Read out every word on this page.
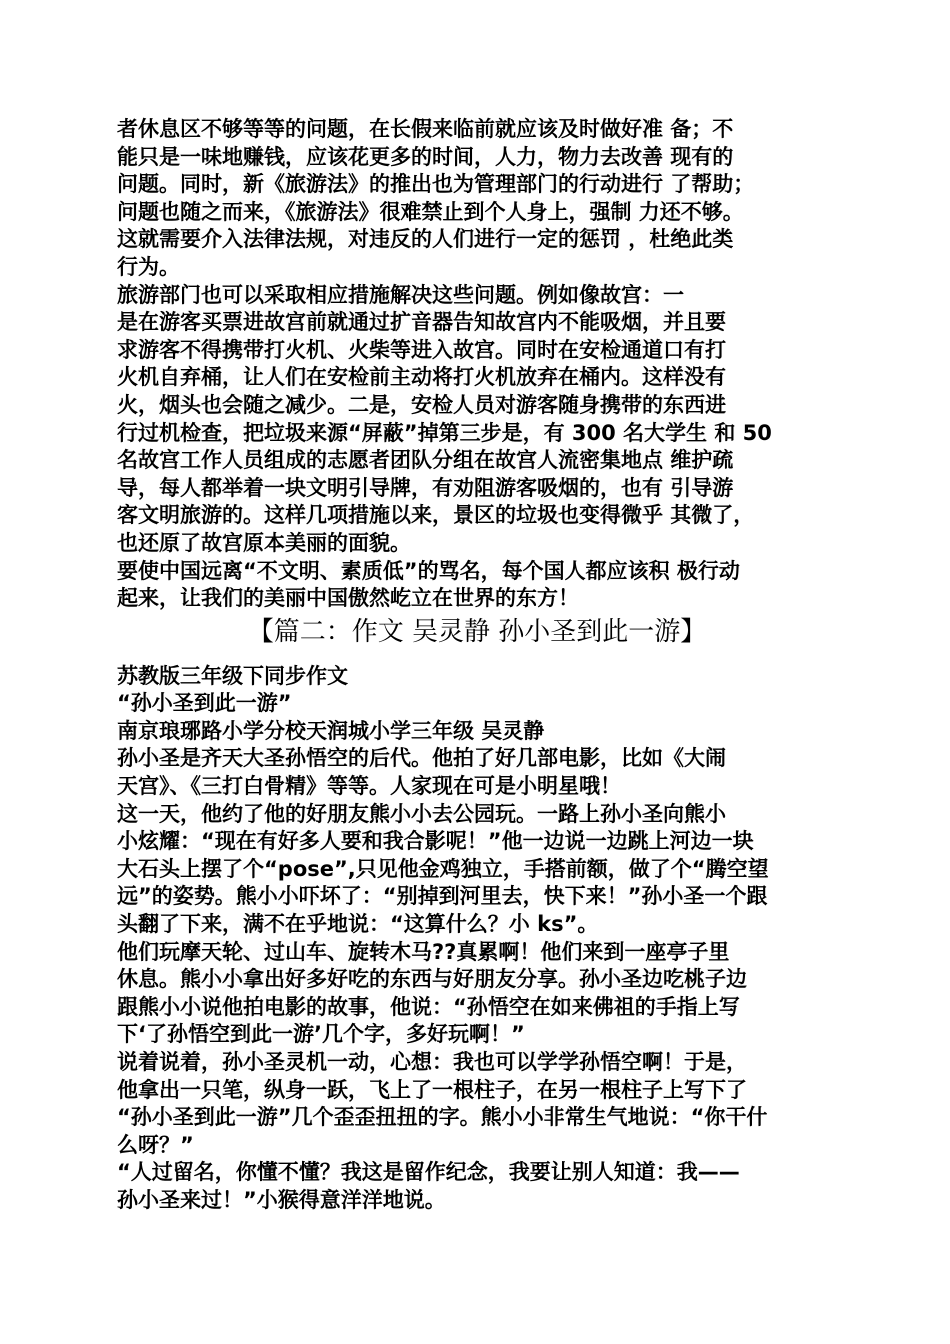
者休息区不够等等的问题，在长假来临前就应该及时做好准 备；不
能只是一味地赚钱，应该花更多的时间，人力，物力去改善 现有的
问题。同时，新《旅游法》的推出也为管理部门的行动进行 了帮助；
问题也随之而来，《旅游法》很难禁止到个人身上，强制 力还不够。
这就需要介入法律法规，对违反的人们进行一定的惩罚 ，杜绝此类
行为。
旅游部门也可以采取相应措施解决这些问题。例如像故宫：一
是在游客买票进故宫前就通过扩音器告知故宫内不能吸烟，并且要
求游客不得携带打火机、火柴等进入故宫。同时在安检通道口有打
火机自弃桶，让人们在安检前主动将打火机放弃在桶内。这样没有
火，烟头也会随之减少。二是，安检人员对游客随身携带的东西进
行过机检查，把垃圾来源“屏蔽”掉第三步是，有 300 名大学生 和 50
名故宫工作人员组成的志愿者团队分组在故宫人流密集地点 维护疏
导，每人都举着一块文明引导牌，有劝阻游客吸烟的，也有 引导游
客文明旅游的。这样几项措施以来，景区的垃圾也变得微乎 其微了，
也还原了故宫原本美丽的面貌。
要使中国远离“不文明、素质低”的骂名，每个国人都应该积 极行动
起来，让我们的美丽中国傲然屹立在世界的东方！
【篇二：作文 吴灵静 孙小圣到此一游】
苏教版三年级下同步作文
“孙小圣到此一游”
南京琅琊路小学分校天润城小学三年级 吴灵静
孙小圣是齐天大圣孙悟空的后代。他拍了好几部电影，比如《大闹
天宫》、《三打白骨精》等等。人家现在可是小明星哦！
这一天，他约了他的好朋友熊小小去公园玩。一路上孙小圣向熊小
小炫耀：“现在有好多人要和我合影呢！”他一边说一边跳上河边一块
大石头上摆了个“pose”,只见他金鸡独立，手搭前额，做了个“腾空望
远”的姿势。熊小小吓坏了：“别掉到河里去，快下来！”孙小圣一个跟
头翻了下来，满不在乎地说：“这算什么？小 ks”。
他们玩摩天轮、过山车、旋转木马??真累啊！他们来到一座亭子里
休息。熊小小拿出好多好吃的东西与好朋友分享。孙小圣边吃桃子边
跟熊小小说他拍电影的故事，他说：“孙悟空在如来佛祖的手指上写
下‘了孙悟空到此一游’几个字，多好玩啊！”
说着说着，孙小圣灵机一动，心想：我也可以学学孙悟空啊！于是，
他拿出一只笔，纵身一跃，飞上了一根柱子，在另一根柱子上写下了
“孙小圣到此一游”几个歪歪扭扭的字。熊小小非常生气地说：“你干什
么呀？”
“人过留名，你懂不懂？我这是留作纪念，我要让别人知道：我——
孙小圣来过！”小猴得意洋洋地说。
